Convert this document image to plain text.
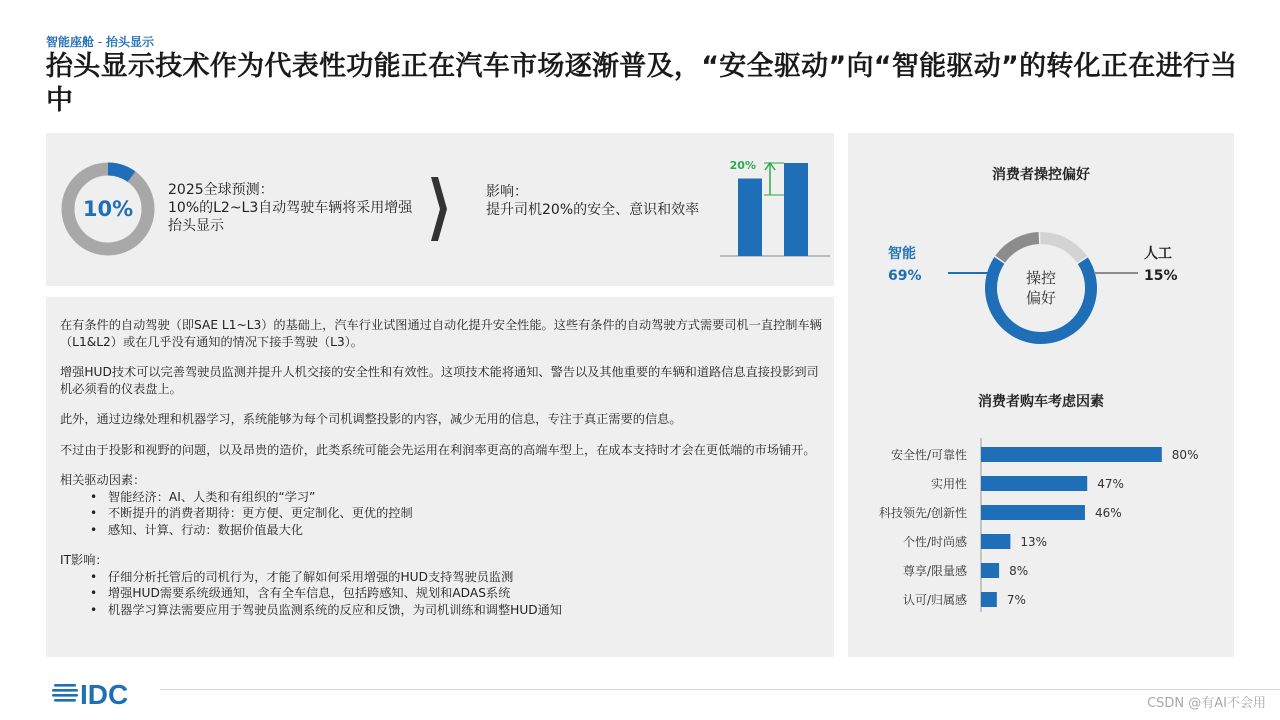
智能座舱 - 抬头显示
抬头显示技术作为代表性功能正在汽车市场逐渐普及，“安全驱动”向“智能驱动”的转化正在进行当中
10%
2025全球预测：
10%的L2~L3自动驾驶车辆将采用增强抬头显示
影响：
提升司机20%的安全、意识和效率
20%

在有条件的自动驾驶（即SAE L1~L3）的基础上，汽车行业试图通过自动化提升安全性能。这些有条件的自动驾驶方式需要司机一直控制车辆（L1&L2）或在几乎没有通知的情况下接手驾驶（L3）。

增强HUD技术可以完善驾驶员监测并提升人机交接的安全性和有效性。这项技术能将通知、警告以及其他重要的车辆和道路信息直接投影到司机必须看的仪表盘上。

此外，通过边缘处理和机器学习，系统能够为每个司机调整投影的内容，减少无用的信息，专注于真正需要的信息。

不过由于投影和视野的问题，以及昂贵的造价，此类系统可能会先运用在利润率更高的高端车型上，在成本支持时才会在更低端的市场铺开。

相关驱动因素：
• 智能经济：AI、人类和有组织的“学习”
• 不断提升的消费者期待：更方便、更定制化、更优的控制
• 感知、计算、行动：数据价值最大化
IT影响：
• 仔细分析托管后的司机行为，才能了解如何采用增强的HUD支持驾驶员监测
• 增强HUD需要系统级通知，含有全车信息，包括跨感知、规划和ADAS系统
• 机器学习算法需要应用于驾驶员监测系统的反应和反馈，为司机训练和调整HUD通知
消费者操控偏好
操控
偏好
智能
69%
人工
15%
消费者购车考虑因素
安全性/可靠性	80%
实用性	47%
科技领先/创新性	46%
个性/时尚感	13%
尊享/限量感	8%
认可/归属感	7%
IDC	CSDN @有AI不会用
